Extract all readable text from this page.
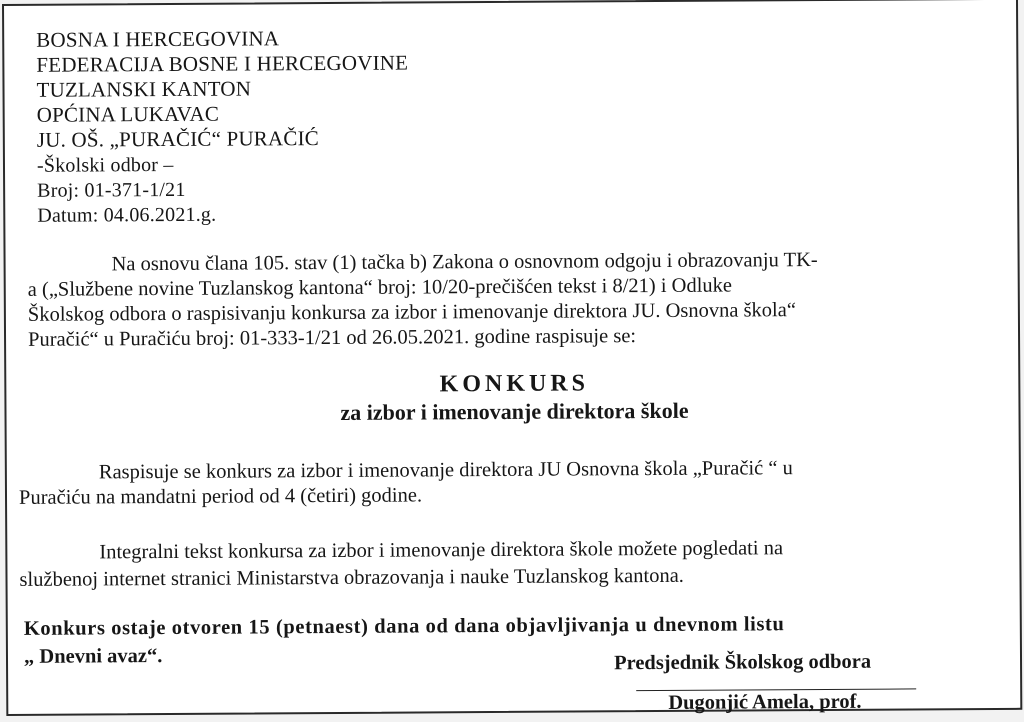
BOSNA I HERCEGOVINA
FEDERACIJA BOSNE I HERCEGOVINE
TUZLANSKI KANTON
OPĆINA LUKAVAC
JU. OŠ. „PURAČIĆ“ PURAČIĆ
-Školski odbor –
Broj: 01-371-1/21
Datum: 04.06.2021.g.
Na osnovu člana 105. stav (1) tačka b) Zakona o osnovnom odgoju i obrazovanju TK-
a („Službene novine Tuzlanskog kantona“ broj: 10/20-prečišćen tekst i 8/21) i Odluke
Školskog odbora o raspisivanju konkursa za izbor i imenovanje direktora JU. Osnovna škola“
Puračić“ u Puračiću broj: 01-333-1/21 od 26.05.2021. godine raspisuje se:
KONKURS
za izbor i imenovanje direktora škole
Raspisuje se konkurs za izbor i imenovanje direktora JU Osnovna škola „Puračić “ u
Puračiću na mandatni period od 4 (četiri) godine.
Integralni tekst konkursa za izbor i imenovanje direktora škole možete pogledati na
službenoj internet stranici Ministarstva obrazovanja i nauke Tuzlanskog kantona.
Konkurs ostaje otvoren 15 (petnaest) dana od dana objavljivanja u dnevnom listu
„ Dnevni avaz“.	Predsjednik Školskog odbora
Dugonjić Amela, prof.
